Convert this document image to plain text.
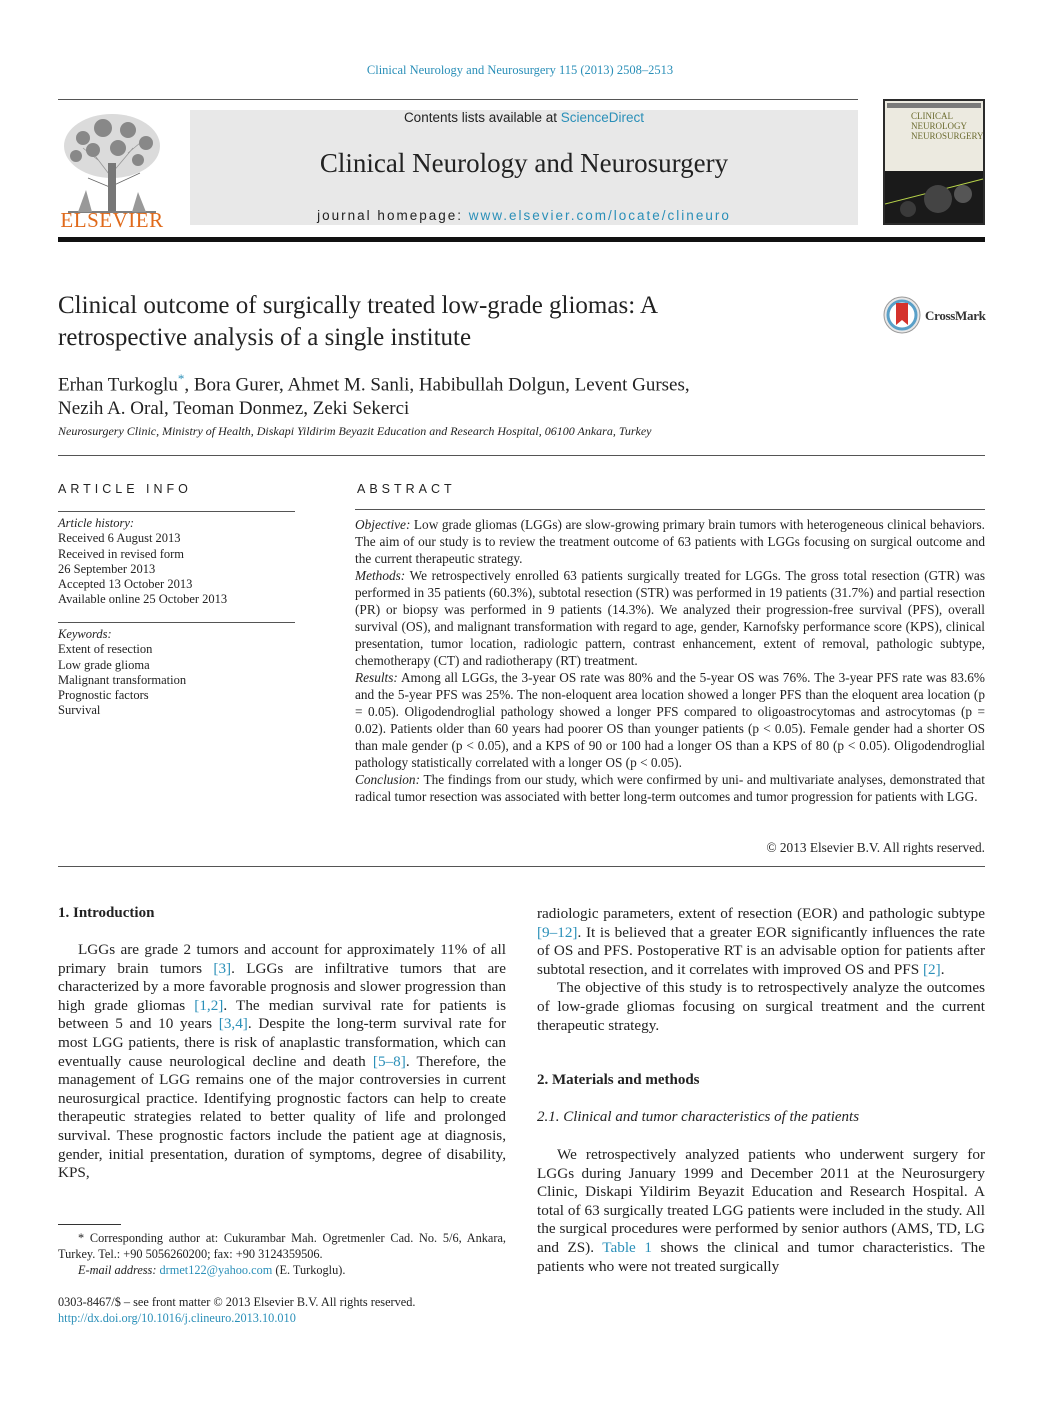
Clinical Neurology and Neurosurgery 115 (2013) 2508–2513
ELSEVIER
Contents lists available at ScienceDirect
Clinical Neurology and Neurosurgery
journal homepage: www.elsevier.com/locate/clineuro
CLINICAL
NEUROLOGY
NEUROSURGERY
Clinical outcome of surgically treated low-grade gliomas: A
retrospective analysis of a single institute
CrossMark
Erhan Turkoglu*, Bora Gurer, Ahmet M. Sanli, Habibullah Dolgun, Levent Gurses,
Nezih A. Oral, Teoman Donmez, Zeki Sekerci
Neurosurgery Clinic, Ministry of Health, Diskapi Yildirim Beyazit Education and Research Hospital, 06100 Ankara, Turkey
ARTICLE INFO
Article history:
Received 6 August 2013
Received in revised form
26 September 2013
Accepted 13 October 2013
Available online 25 October 2013
Keywords:
Extent of resection
Low grade glioma
Malignant transformation
Prognostic factors
Survival
ABSTRACT

Objective: Low grade gliomas (LGGs) are slow-growing primary brain tumors with heterogeneous clinical behaviors. The aim of our study is to review the treatment outcome of 63 patients with LGGs focusing on surgical outcome and the current therapeutic strategy.

Methods: We retrospectively enrolled 63 patients surgically treated for LGGs. The gross total resection (GTR) was performed in 35 patients (60.3%), subtotal resection (STR) was performed in 19 patients (31.7%) and partial resection (PR) or biopsy was performed in 9 patients (14.3%). We analyzed their progression-free survival (PFS), overall survival (OS), and malignant transformation with regard to age, gender, Karnofsky performance score (KPS), clinical presentation, tumor location, radiologic pattern, contrast enhancement, extent of removal, pathologic subtype, chemotherapy (CT) and radiotherapy (RT) treatment.

Results: Among all LGGs, the 3-year OS rate was 80% and the 5-year OS was 76%. The 3-year PFS rate was 83.6% and the 5-year PFS was 25%. The non-eloquent area location showed a longer PFS than the eloquent area location (p = 0.05). Oligodendroglial pathology showed a longer PFS compared to oligoastrocytomas and astrocytomas (p = 0.02). Patients older than 60 years had poorer OS than younger patients (p < 0.05). Female gender had a shorter OS than male gender (p < 0.05), and a KPS of 90 or 100 had a longer OS than a KPS of 80 (p < 0.05). Oligodendroglial pathology statistically correlated with a longer OS (p < 0.05).

Conclusion: The findings from our study, which were confirmed by uni- and multivariate analyses, demonstrated that radical tumor resection was associated with better long-term outcomes and tumor progression for patients with LGG.

© 2013 Elsevier B.V. All rights reserved.
1. Introduction

LGGs are grade 2 tumors and account for approximately 11% of all primary brain tumors [3]. LGGs are infiltrative tumors that are characterized by a more favorable prognosis and slower progression than high grade gliomas [1,2]. The median survival rate for patients is between 5 and 10 years [3,4]. Despite the long-term survival rate for most LGG patients, there is risk of anaplastic transformation, which can eventually cause neurological decline and death [5–8]. Therefore, the management of LGG remains one of the major controversies in current neurosurgical practice. Identifying prognostic factors can help to create therapeutic strategies related to better quality of life and prolonged survival. These prognostic factors include the patient age at diagnosis, gender, initial presentation, duration of symptoms, degree of disability, KPS,

* Corresponding author at: Cukurambar Mah. Ogretmenler Cad. No. 5/6, Ankara, Turkey. Tel.: +90 5056260200; fax: +90 3124359506.
E-mail address: drmet122@yahoo.com (E. Turkoglu).
0303-8467/$ – see front matter © 2013 Elsevier B.V. All rights reserved.
http://dx.doi.org/10.1016/j.clineuro.2013.10.010

radiologic parameters, extent of resection (EOR) and pathologic subtype [9–12]. It is believed that a greater EOR significantly influences the rate of OS and PFS. Postoperative RT is an advisable option for patients after subtotal resection, and it correlates with improved OS and PFS [2].

The objective of this study is to retrospectively analyze the outcomes of low-grade gliomas focusing on surgical treatment and the current therapeutic strategy.

2. Materials and methods
2.1. Clinical and tumor characteristics of the patients

We retrospectively analyzed patients who underwent surgery for LGGs during January 1999 and December 2011 at the Neurosurgery Clinic, Diskapi Yildirim Beyazit Education and Research Hospital. A total of 63 surgically treated LGG patients were included in the study. All the surgical procedures were performed by senior authors (AMS, TD, LG and ZS). Table 1 shows the clinical and tumor characteristics. The patients who were not treated surgically
